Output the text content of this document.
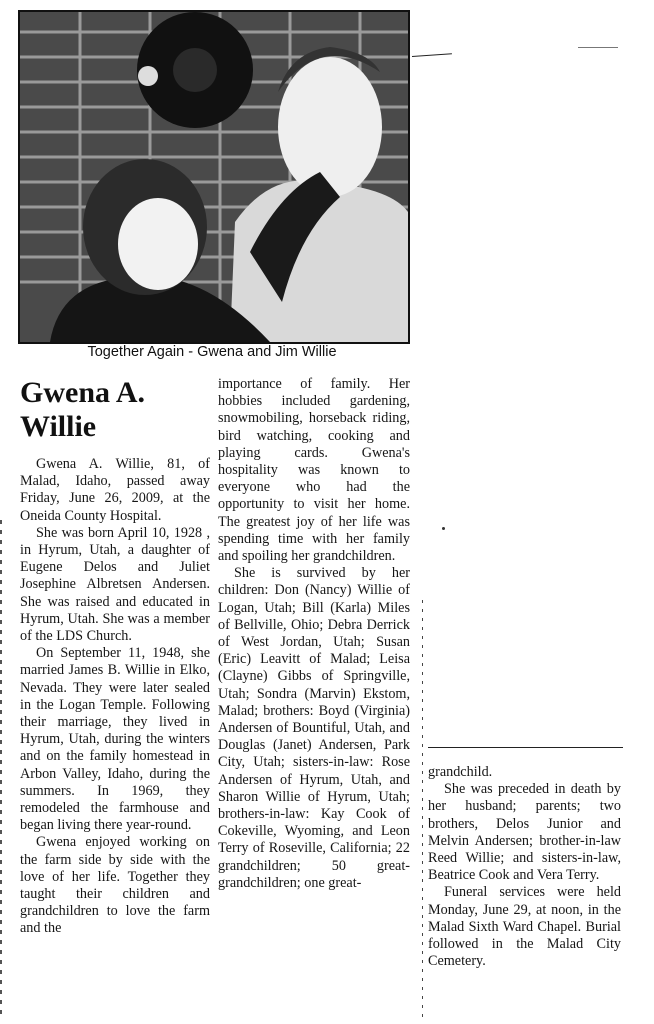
Together Again - Gwena and Jim Willie
Gwena A.
Willie

Gwena A. Willie, 81, of Malad, Idaho, passed away Friday, June 26, 2009, at the Oneida County Hospital.

She was born April 10, 1928 , in Hyrum, Utah, a daughter of Eugene Delos and Juliet Josephine Albretsen Andersen. She was raised and educated in Hyrum, Utah. She was a member of the LDS Church.

On September 11, 1948, she married James B. Willie in Elko, Nevada. They were later sealed in the Logan Temple. Following their marriage, they lived in Hyrum, Utah, during the winters and on the family homestead in Arbon Valley, Idaho, during the summers. In 1969, they remodeled the farmhouse and began living there year-round.

Gwena enjoyed working on the farm side by side with the love of her life. Together they taught their children and grandchildren to love the farm and the

importance of family. Her hobbies included gardening, snowmobiling, horseback riding, bird watching, cooking and playing cards. Gwena's hospitality was known to everyone who had the opportunity to visit her home. The greatest joy of her life was spending time with her family and spoiling her grandchildren.

She is survived by her children: Don (Nancy) Willie of Logan, Utah; Bill (Karla) Miles of Bellville, Ohio; Debra Derrick of West Jordan, Utah; Susan (Eric) Leavitt of Malad; Leisa (Clayne) Gibbs of Springville, Utah; Sondra (Marvin) Ekstom, Malad; brothers: Boyd (Virginia) Andersen of Bountiful, Utah, and Douglas (Janet) Andersen, Park City, Utah; sisters-in-law: Rose Andersen of Hyrum, Utah, and Sharon Willie of Hyrum, Utah; brothers-in-law: Kay Cook of Cokeville, Wyoming, and Leon Terry of Roseville, California; 22 grandchildren; 50 great-grandchildren; one great-

grandchild.

She was preceded in death by her husband; parents; two brothers, Delos Junior and Melvin Andersen; brother-in-law Reed Willie; and sisters-in-law, Beatrice Cook and Vera Terry.

Funeral services were held Monday, June 29, at noon, in the Malad Sixth Ward Chapel. Burial followed in the Malad City Cemetery.
